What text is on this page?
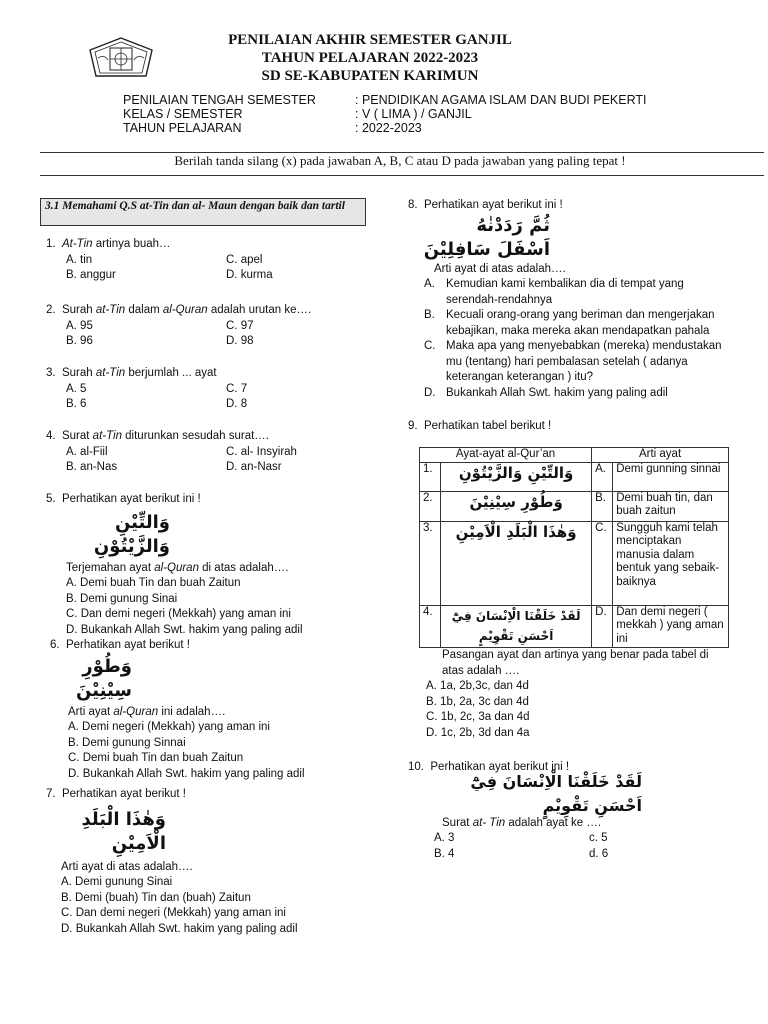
PENILAIAN AKHIR SEMESTER GANJIL
TAHUN PELAJARAN 2022-2023
SD SE-KABUPATEN KARIMUN
PENILAIAN TENGAH SEMESTER	: PENDIDIKAN AGAMA ISLAM DAN BUDI PEKERTI
KELAS / SEMESTER	: V ( LIMA ) / GANJIL
TAHUN PELAJARAN	: 2022-2023
Berilah tanda silang (x) pada jawaban A, B, C atau D pada jawaban yang paling tepat !
3.1 Memahami Q.S at-Tin dan al- Maun dengan baik dan tartil
1. At-Tin artinya buah…
A. tin	C. apel
B. anggur	D. kurma
2. Surah at-Tin dalam al-Quran adalah urutan ke….
A. 95	C. 97
B. 96	D. 98
3. Surah at-Tin berjumlah ... ayat
A. 5	C. 7
B. 6	D. 8
4. Surat at-Tin diturunkan sesudah surat….
A. al-Fiil	C. al- Insyirah
B. an-Nas	D. an-Nasr
5. Perhatikan ayat berikut ini !
وَالتِّيْنِ وَالزَّيْتُوْنِ
Terjemahan ayat al-Quran di atas adalah….
A. Demi buah Tin dan buah Zaitun
B. Demi gunung Sinai
C. Dan demi negeri (Mekkah) yang aman ini
D. Bukankah Allah Swt. hakim yang paling adil
6. Perhatikan ayat berikut !
وَطُوْرِ سِيْنِيْنَ
Arti ayat al-Quran ini adalah….
A. Demi negeri (Mekkah) yang aman ini
B. Demi gunung Sinnai
C. Demi buah Tin dan buah Zaitun
D. Bukankah Allah Swt. hakim yang paling adil
7. Perhatikan ayat berikut !
وَهٰذَا الْبَلَدِ الْاَمِيْنِ
Arti ayat di atas adalah….
A. Demi gunung Sinai
B. Demi (buah) Tin dan (buah) Zaitun
C. Dan demi negeri (Mekkah) yang aman ini
D. Bukankah Allah Swt. hakim yang paling adil
8. Perhatikan ayat berikut ini !
ثُمَّ رَدَدْنٰهُ اَسْفَلَ سَافِلِيْنَ
Arti ayat di atas adalah….
A. Kemudian kami kembalikan dia di tempat yang serendah-rendahnya
B. Kecuali orang-orang yang beriman dan mengerjakan kebajikan, maka mereka akan mendapatkan pahala
C. Maka apa yang menyebabkan (mereka) mendustakan mu (tentang) hari pembalasan setelah ( adanya keterangan keterangan ) itu?
D. Bukankah Allah Swt. hakim yang paling adil
9. Perhatikan tabel berikut !
Ayat-ayat al-Qur’an		Arti ayat	
1.	وَالتِّيْنِ وَالزَّيْتُوْنِ	A.	Demi gunning sinnai
2.	وَطُوْرِ سِيْنِيْنَ	B.	Demi buah tin, dan buah zaitun
3.	وَهٰذَا الْبَلَدِ الْاَمِيْنِ	C.	Sungguh kami telah menciptakan manusia dalam bentuk yang sebaik- baiknya
4.	لَقَدْ خَلَقْنَا الْاِنْسَانَ فِيْٓ اَحْسَنِ تَقْوِيْمٍ	D.	Dan demi negeri ( mekkah ) yang aman ini
Pasangan ayat dan artinya yang benar pada tabel di atas adalah ….
A. 1a, 2b,3c, dan 4d
B. 1b, 2a, 3c dan 4d
C. 1b, 2c, 3a dan 4d
D. 1c, 2b, 3d dan 4a
10. Perhatikan ayat berikut ini !
لَقَدْ خَلَقْنَا الْاِنْسَانَ فِيْٓ اَحْسَنِ تَقْوِيْمٍ
Surat at- Tin adalah ayat ke ….
A. 3	c. 5
B. 4	d. 6
